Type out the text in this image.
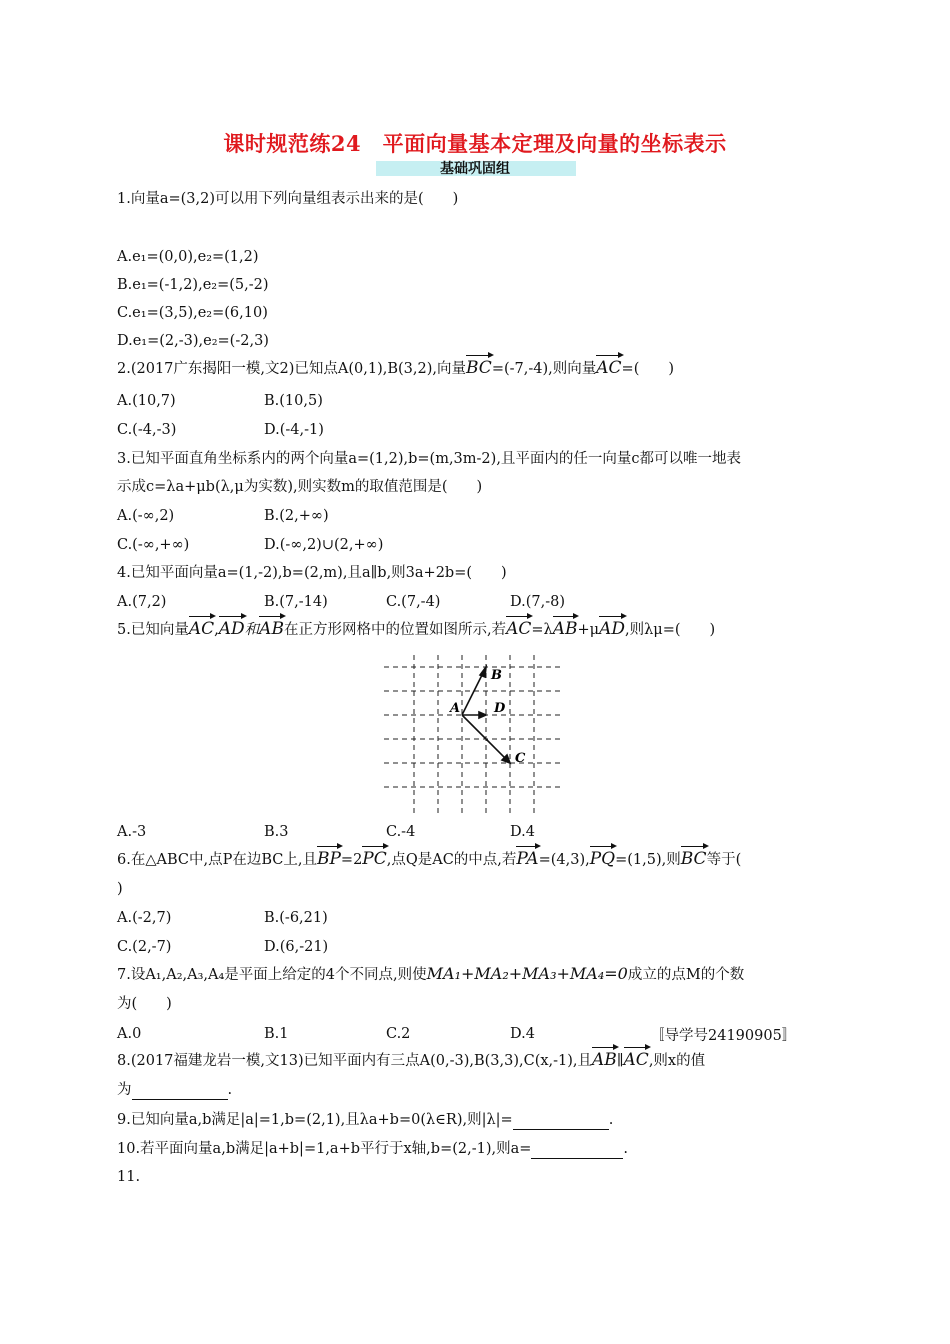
课时规范练24　平面向量基本定理及向量的坐标表示
基础巩固组
1.向量a=(3,2)可以用下列向量组表示出来的是(　　)
A.e₁=(0,0),e₂=(1,2)
B.e₁=(-1,2),e₂=(5,-2)
C.e₁=(3,5),e₂=(6,10)
D.e₁=(2,-3),e₂=(-2,3)
2.(2017广东揭阳一模,文2)已知点A(0,1),B(3,2),向量BC=(-7,-4),则向量AC=(　　)
A.(10,7)	B.(10,5)
C.(-4,-3)	D.(-4,-1)
3.已知平面直角坐标系内的两个向量a=(1,2),b=(m,3m-2),且平面内的任一向量c都可以唯一地表
示成c=λa+μb(λ,μ为实数),则实数m的取值范围是(　　)
A.(-∞,2)	B.(2,+∞)
C.(-∞,+∞)	D.(-∞,2)∪(2,+∞)
4.已知平面向量a=(1,-2),b=(2,m),且a∥b,则3a+2b=(　　)
A.(7,2)	B.(7,-14)	C.(7,-4)	D.(7,-8)
5.已知向量AC,AD和AB在正方形网格中的位置如图所示,若AC=λAB+μAD,则λμ=(　　)
A
B
D
C
A.-3	B.3	C.-4	D.4
6.在△ABC中,点P在边BC上,且BP=2PC,点Q是AC的中点,若PA=(4,3),PQ=(1,5),则BC等于(
)
A.(-2,7)	B.(-6,21)
C.(2,-7)	D.(6,-21)
7.设A₁,A₂,A₃,A₄是平面上给定的4个不同点,则使MA₁+MA₂+MA₃+MA₄=0成立的点M的个数
为(　　)
A.0	B.1	C.2	D.4	〚导学号24190905〛
8.(2017福建龙岩一模,文13)已知平面内有三点A(0,-3),B(3,3),C(x,-1),且AB∥AC,则x的值
为	.
9.已知向量a,b满足|a|=1,b=(2,1),且λa+b=0(λ∈R),则|λ|=	.
10.若平面向量a,b满足|a+b|=1,a+b平行于x轴,b=(2,-1),则a=	.
11.
